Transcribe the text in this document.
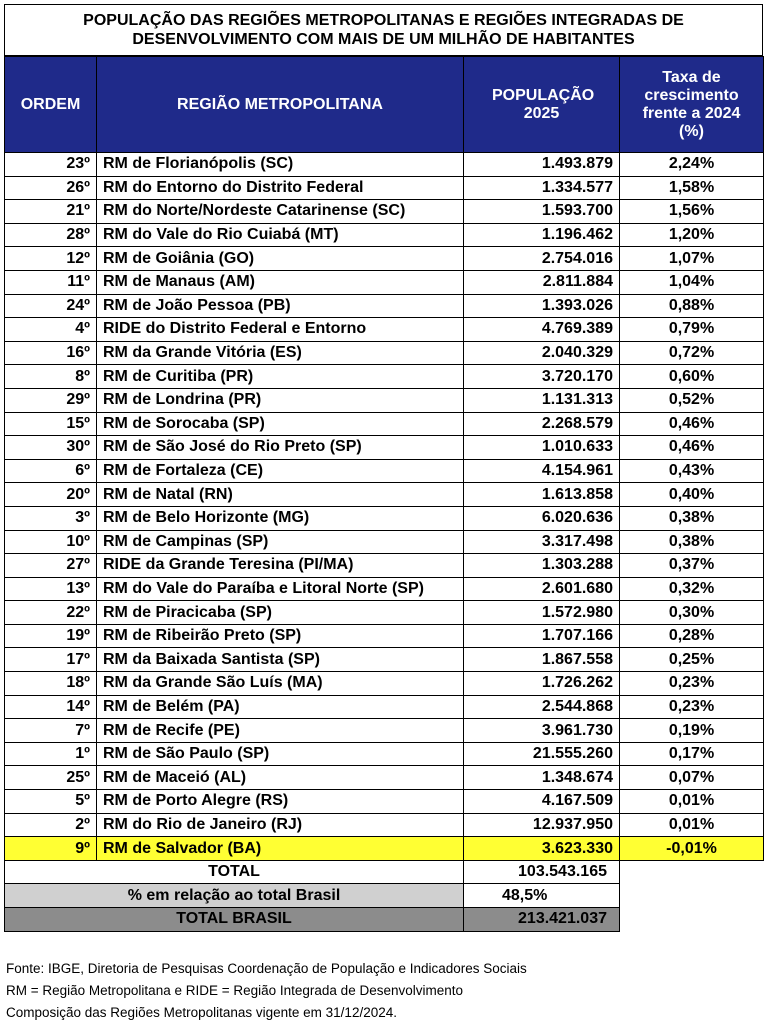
POPULAÇÃO DAS REGIÕES METROPOLITANAS E REGIÕES INTEGRADAS DE
DESENVOLVIMENTO COM MAIS DE UM MILHÃO DE HABITANTES
ORDEM	REGIÃO METROPOLITANA	POPULAÇÃO 2025	Taxa de crescimento frente a 2024 (%)
23º	RM de Florianópolis (SC)	1.493.879	2,24%
26º	RM do Entorno do Distrito Federal	1.334.577	1,58%
21º	RM do Norte/Nordeste Catarinense (SC)	1.593.700	1,56%
28º	RM do Vale do Rio Cuiabá (MT)	1.196.462	1,20%
12º	RM de Goiânia (GO)	2.754.016	1,07%
11º	RM de Manaus (AM)	2.811.884	1,04%
24º	RM de João Pessoa (PB)	1.393.026	0,88%
4º	RIDE do Distrito Federal e Entorno	4.769.389	0,79%
16º	RM da Grande Vitória (ES)	2.040.329	0,72%
8º	RM de Curitiba (PR)	3.720.170	0,60%
29º	RM de Londrina (PR)	1.131.313	0,52%
15º	RM de Sorocaba (SP)	2.268.579	0,46%
30º	RM de São José do Rio Preto (SP)	1.010.633	0,46%
6º	RM de Fortaleza (CE)	4.154.961	0,43%
20º	RM de Natal (RN)	1.613.858	0,40%
3º	RM de Belo Horizonte (MG)	6.020.636	0,38%
10º	RM de Campinas (SP)	3.317.498	0,38%
27º	RIDE da Grande Teresina (PI/MA)	1.303.288	0,37%
13º	RM do Vale do Paraíba e Litoral Norte (SP)	2.601.680	0,32%
22º	RM de Piracicaba (SP)	1.572.980	0,30%
19º	RM de Ribeirão Preto (SP)	1.707.166	0,28%
17º	RM da Baixada Santista (SP)	1.867.558	0,25%
18º	RM da Grande São Luís (MA)	1.726.262	0,23%
14º	RM de Belém (PA)	2.544.868	0,23%
7º	RM de Recife (PE)	3.961.730	0,19%
1º	RM de São Paulo (SP)	21.555.260	0,17%
25º	RM de Maceió (AL)	1.348.674	0,07%
5º	RM de Porto Alegre (RS)	4.167.509	0,01%
2º	RM do Rio de Janeiro (RJ)	12.937.950	0,01%
9º	RM de Salvador (BA)	3.623.330	-0,01%
TOTAL		103.543.165	
% em relação ao total Brasil		48,5%	
TOTAL BRASIL		213.421.037	
Fonte: IBGE, Diretoria de Pesquisas Coordenação de População e Indicadores Sociais
RM = Região Metropolitana e RIDE = Região Integrada de Desenvolvimento
Composição das Regiões Metropolitanas vigente em 31/12/2024.
